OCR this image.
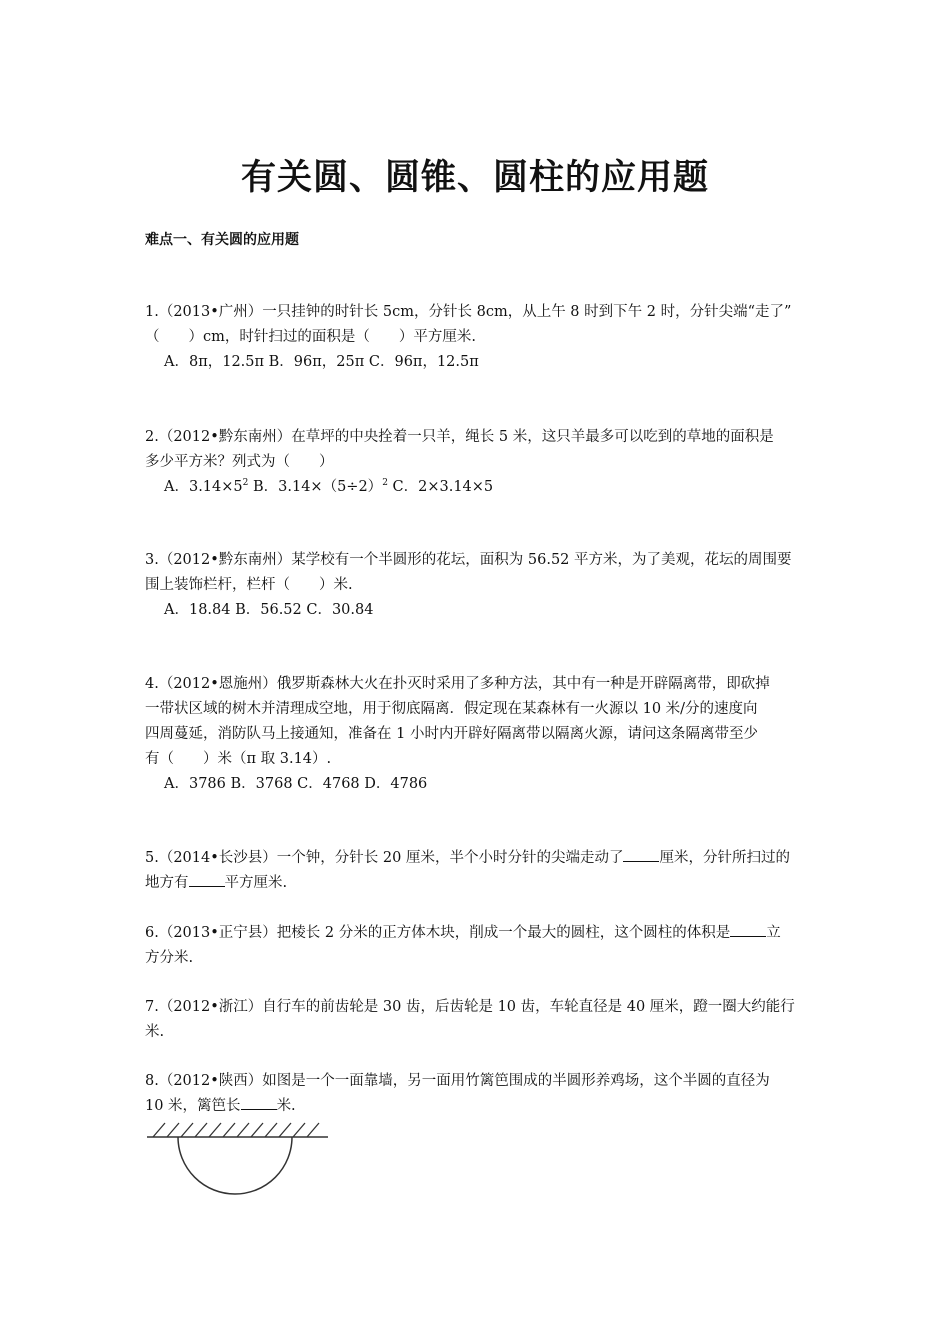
有关圆、圆锥、圆柱的应用题
难点一、有关圆的应用题
1.（2013•广州）一只挂钟的时针长 5cm，分针长 8cm，从上午 8 时到下午 2 时，分针尖端“走了”
（　　）cm，时针扫过的面积是（　　）平方厘米.
A．8π，12.5π B．96π，25π C．96π，12.5π
2.（2012•黔东南州）在草坪的中央拴着一只羊，绳长 5 米，这只羊最多可以吃到的草地的面积是
多少平方米？列式为（　　）
A．$3.14\times 5^2$ B．$3.14\times(5\div 2)^2$ C．2×3.14×5
3.（2012•黔东南州）某学校有一个半圆形的花坛，面积为 56.52 平方米，为了美观，花坛的周围要
围上装饰栏杆，栏杆（　　）米.
A．18.84 B．56.52 C．30.84
4.（2012•恩施州）俄罗斯森林大火在扑灭时采用了多种方法，其中有一种是开辟隔离带，即砍掉
一带状区域的树木并清理成空地，用于彻底隔离．假定现在某森林有一火源以 10 米/分的速度向
四周蔓延，消防队马上接通知，准备在 1 小时内开辟好隔离带以隔离火源，请问这条隔离带至少
有（　　）米（π 取 3.14）.
A．3786 B．3768 C．4768 D．4786
5.（2014•长沙县）一个钟，分针长 20 厘米，半个小时分针的尖端走动了 厘米，分针所扫过的
地方有 平方厘米.
6.（2013•正宁县）把棱长 2 分米的正方体木块，削成一个最大的圆柱，这个圆柱的体积是 立
方分米.
7.（2012•浙江）自行车的前齿轮是 30 齿，后齿轮是 10 齿，车轮直径是 40 厘米，蹬一圈大约能行
米.
8.（2012•陕西）如图是一个一面靠墙，另一面用竹篱笆围成的半圆形养鸡场，这个半圆的直径为
10 米，篱笆长 米.
